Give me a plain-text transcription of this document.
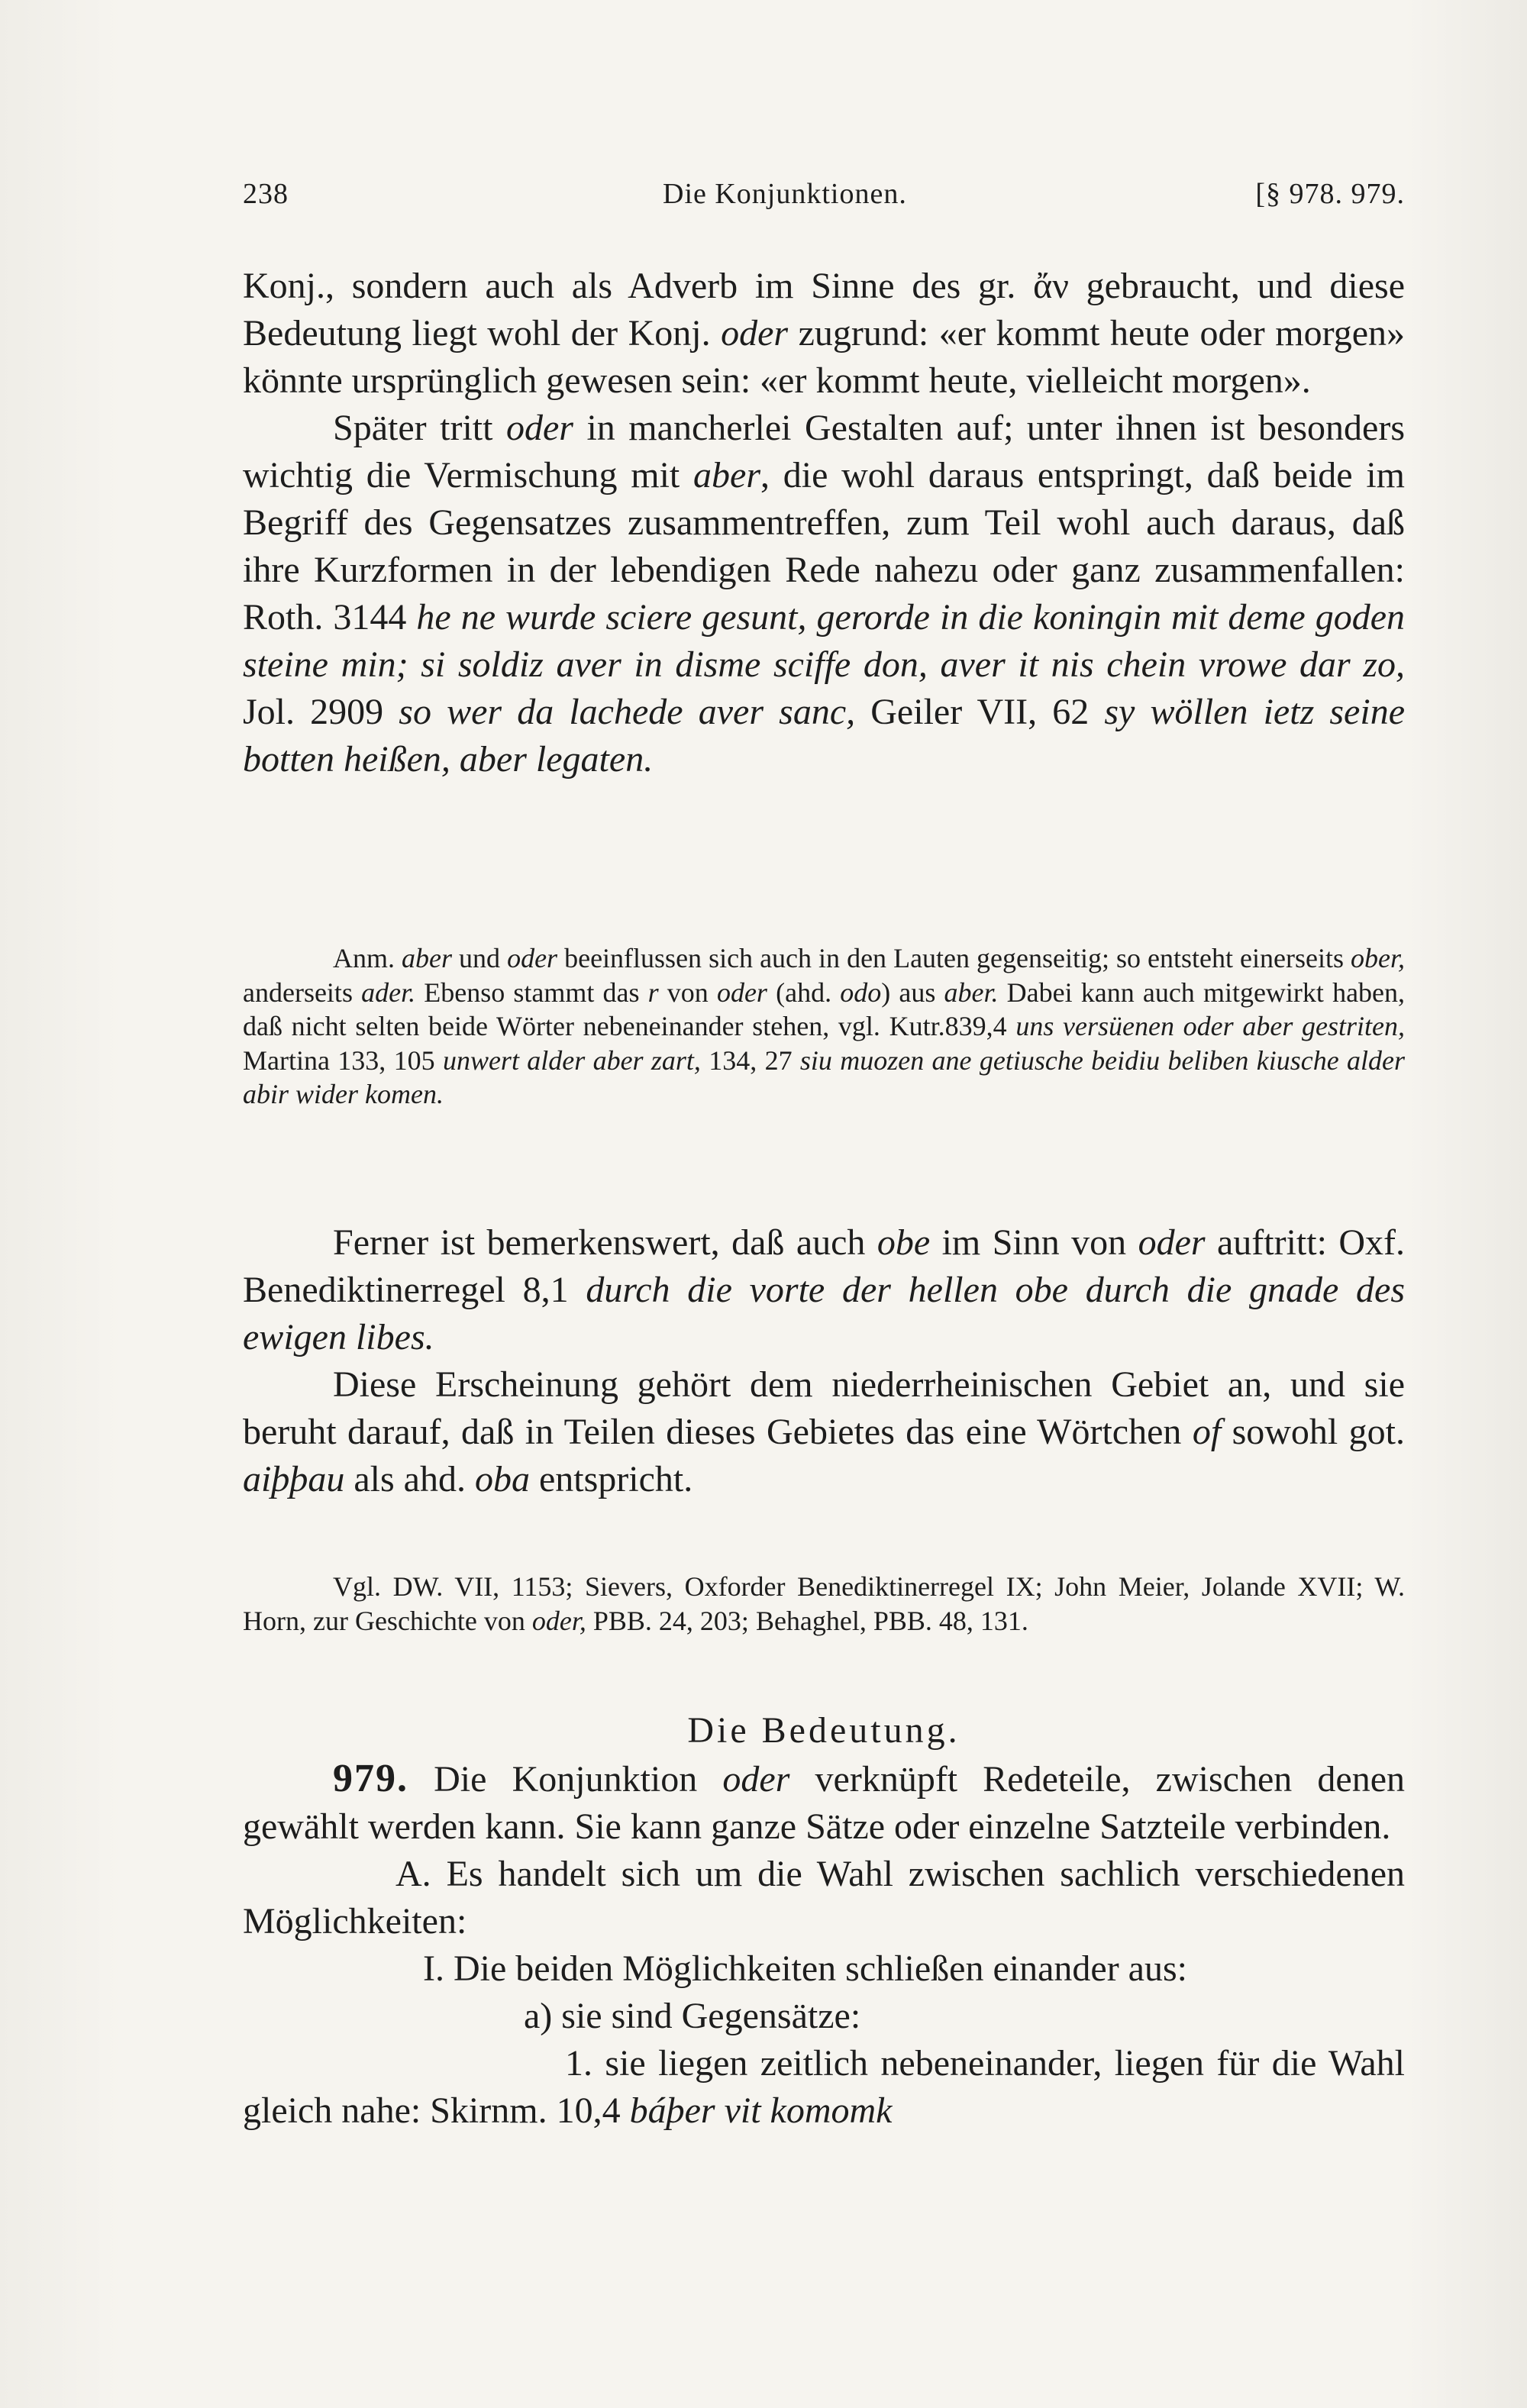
238	Die Konjunktionen.	[§ 978. 979.

Konj., sondern auch als Adverb im Sinne des gr. ἄν gebraucht, und diese Bedeutung liegt wohl der Konj. oder zugrund: «er kommt heute oder morgen» könnte ursprünglich gewesen sein: «er kommt heute, vielleicht morgen».

Später tritt oder in mancherlei Gestalten auf; unter ihnen ist besonders wichtig die Vermischung mit aber, die wohl daraus entspringt, daß beide im Begriff des Gegensatzes zusammentreffen, zum Teil wohl auch daraus, daß ihre Kurzformen in der lebendigen Rede nahezu oder ganz zusammenfallen: Roth. 3144 he ne wurde sciere gesunt, gerorde in die koningin mit deme goden steine min; si soldiz aver in disme sciffe don, aver it nis chein vrowe dar zo, Jol. 2909 so wer da lachede aver sanc, Geiler VII, 62 sy wöllen ietz seine botten heißen, aber legaten.

Anm. aber und oder beeinflussen sich auch in den Lauten gegenseitig; so entsteht einerseits ober, anderseits ader. Ebenso stammt das r von oder (ahd. odo) aus aber. Dabei kann auch mitgewirkt haben, daß nicht selten beide Wörter nebeneinander stehen, vgl. Kutr.839,4 uns versüenen oder aber gestriten, Martina 133, 105 unwert alder aber zart, 134, 27 siu muozen ane getiusche beidiu beliben kiusche alder abir wider komen.

Ferner ist bemerkenswert, daß auch obe im Sinn von oder auftritt: Oxf. Benediktinerregel 8,1 durch die vorte der hellen obe durch die gnade des ewigen libes.

Diese Erscheinung gehört dem niederrheinischen Gebiet an, und sie beruht darauf, daß in Teilen dieses Gebietes das eine Wörtchen of sowohl got. aiþþau als ahd. oba entspricht.

Vgl. DW. VII, 1153; Sievers, Oxforder Benediktinerregel IX; John Meier, Jolande XVII; W. Horn, zur Geschichte von oder, PBB. 24, 203; Behaghel, PBB. 48, 131.

Die Bedeutung.

979. Die Konjunktion oder verknüpft Redeteile, zwischen denen gewählt werden kann. Sie kann ganze Sätze oder einzelne Satzteile verbinden.

A. Es handelt sich um die Wahl zwischen sachlich verschiedenen Möglichkeiten:

I. Die beiden Möglichkeiten schließen einander aus:

a) sie sind Gegensätze:

1. sie liegen zeitlich nebeneinander, liegen für die Wahl gleich nahe: Skirnm. 10,4 báþer vit komomk
